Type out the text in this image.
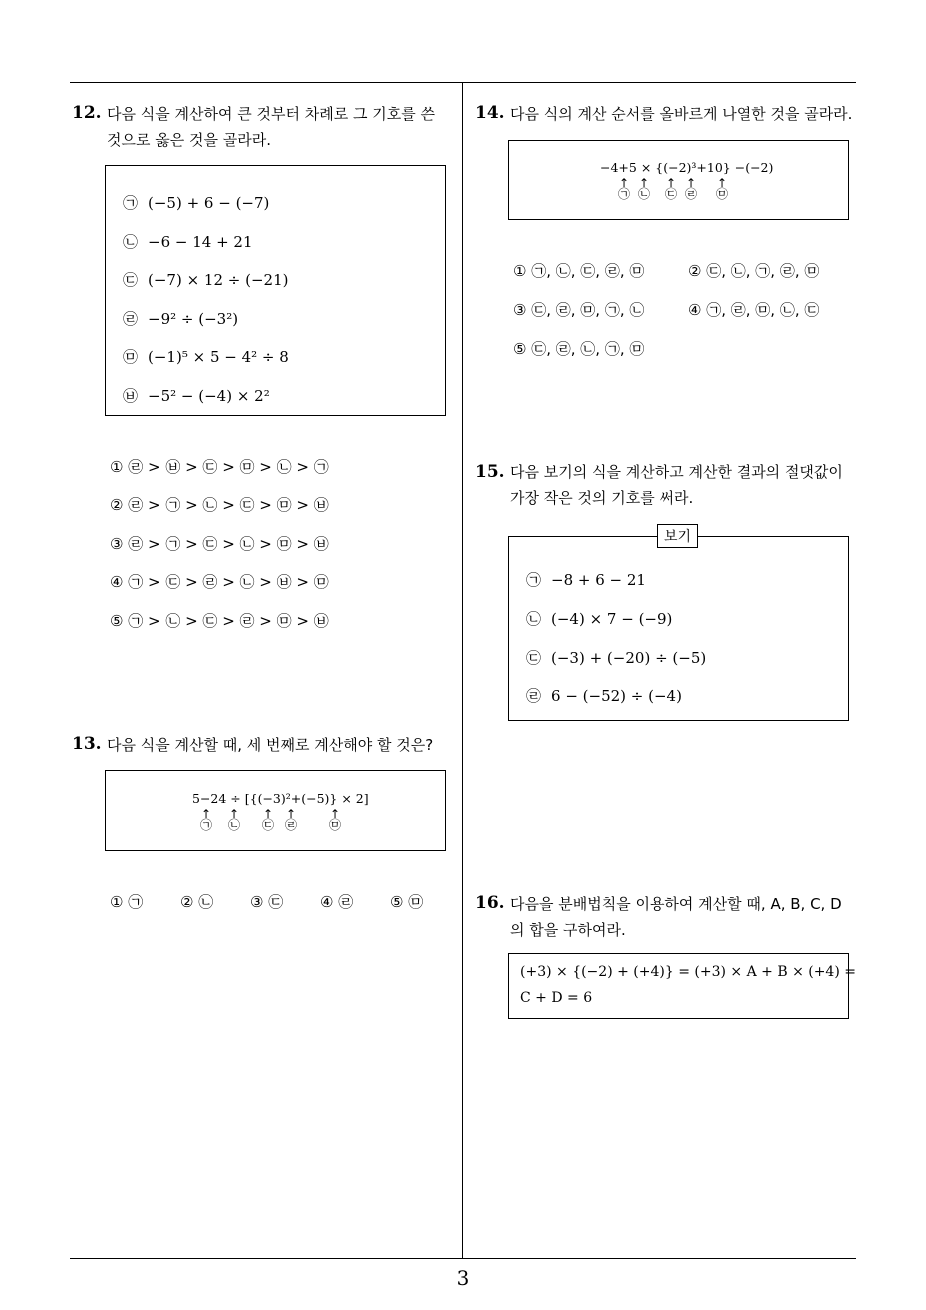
12. 다음 식을 계산하여 큰 것부터 차례로 그 기호를 쓴
것으로 옳은 것을 골라라.
㉠ (−5) + 6 − (−7)
㉡ −6 − 14 + 21
㉢ (−7) × 12 ÷ (−21)
㉣ −9² ÷ (−3²)
㉤ (−1)⁵ × 5 − 4² ÷ 8
㉥ −5² − (−4) × 2²
① ㉣ > ㉥ > ㉢ > ㉤ > ㉡ > ㉠
② ㉣ > ㉠ > ㉡ > ㉢ > ㉤ > ㉥
③ ㉣ > ㉠ > ㉢ > ㉡ > ㉤ > ㉥
④ ㉠ > ㉢ > ㉣ > ㉡ > ㉥ > ㉤
⑤ ㉠ > ㉡ > ㉢ > ㉣ > ㉤ > ㉥
13. 다음 식을 계산할 때, 세 번째로 계산해야 할 것은?
5−24 ÷ [{(−3)²+(−5)} × 2]
↑
㉠
↑
㉡
↑
㉢
↑
㉣
↑
㉤
① ㉠ ② ㉡ ③ ㉢ ④ ㉣ ⑤ ㉤
14. 다음 식의 계산 순서를 올바르게 나열한 것을 골라라.
−4+5 × {(−2)³+10} −(−2)
↑
㉠
↑
㉡
↑
㉢
↑
㉣
↑
㉤
① ㉠, ㉡, ㉢, ㉣, ㉤	② ㉢, ㉡, ㉠, ㉣, ㉤
③ ㉢, ㉣, ㉤, ㉠, ㉡	④ ㉠, ㉣, ㉤, ㉡, ㉢
⑤ ㉢, ㉣, ㉡, ㉠, ㉤
15. 다음 보기의 식을 계산하고 계산한 결과의 절댓값이
가장 작은 것의 기호를 써라.
보기
㉠ −8 + 6 − 21
㉡ (−4) × 7 − (−9)
㉢ (−3) + (−20) ÷ (−5)
㉣ 6 − (−52) ÷ (−4)
16. 다음을 분배법칙을 이용하여 계산할 때, A, B, C, D
의 합을 구하여라.
(+3) × {(−2) + (+4)} = (+3) × A + B × (+4) =
C + D = 6
3
